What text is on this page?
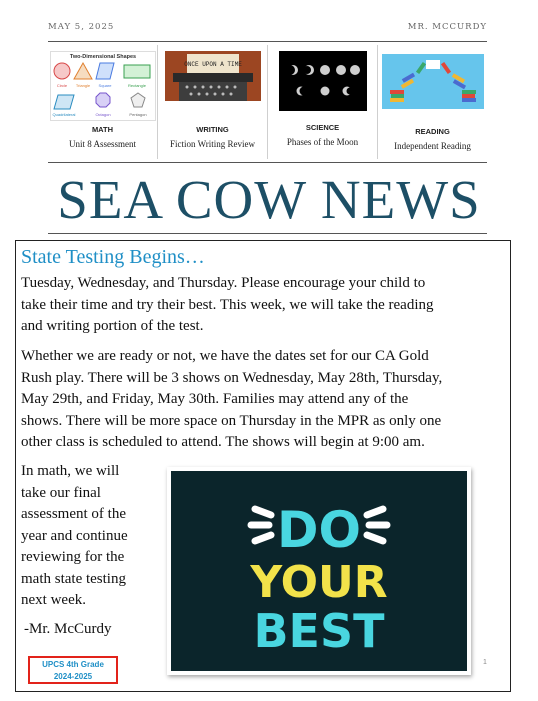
MAY 5, 2025	MR. MCCURDY
Two-Dimensional Shapes
Circle Triangle Square	Rectangle
Quadrilateral	Octagon	Pentagon
MATH
Unit 8 Assessment
ONCE UPON A TIME
WRITING
Fiction Writing Review
SCIENCE
Phases of the Moon
READING
Independent Reading
SEA COW NEWS
State Testing Begins…
Tuesday, Wednesday, and Thursday. Please encourage your child to
take their time and try their best. This week, we will take the reading
and writing portion of the test.
Whether we are ready or not, we have the dates set for our CA Gold
Rush play. There will be 3 shows on Wednesday, May 28th, Thursday,
May 29th, and Friday, May 30th. Families may attend any of the
shows. There will be more space on Thursday in the MPR as only one
other class is scheduled to attend. The shows will begin at 9:00 am.
In math, we will
take our final
assessment of the
year and continue
reviewing for the
math state testing
next week.
-Mr. McCurdy
DO
YOUR
BEST
UPCS 4th Grade
2024-2025
1
